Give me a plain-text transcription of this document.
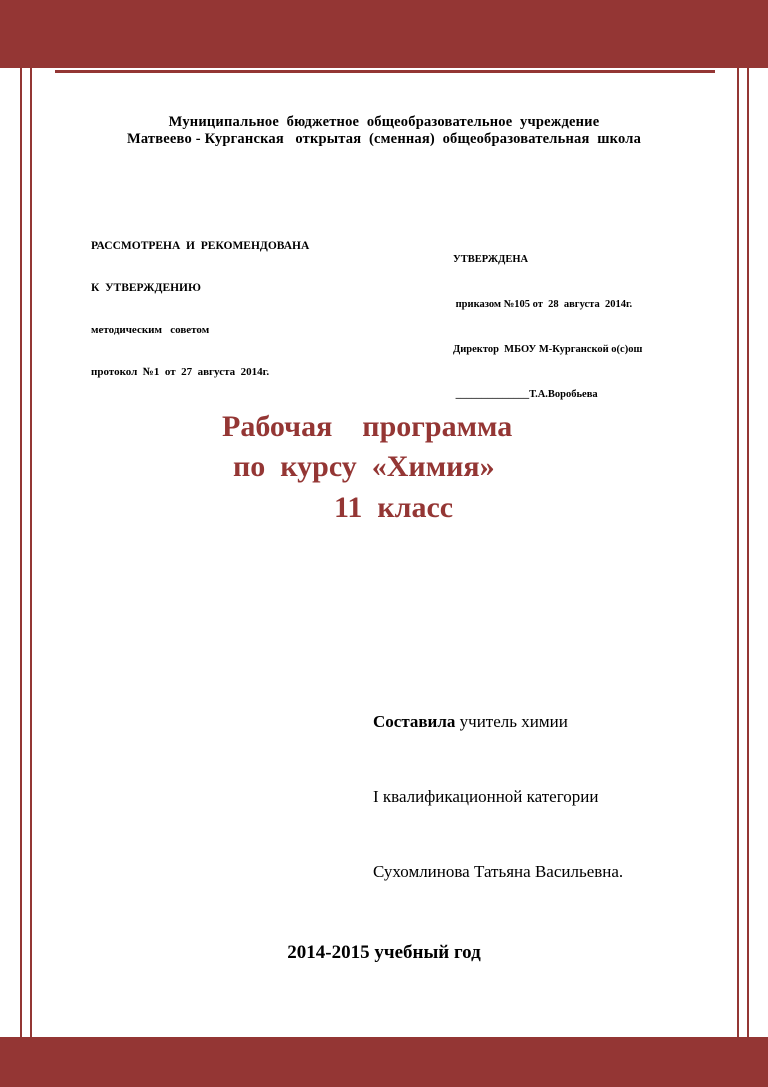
Муниципальное  бюджетное  общеобразовательное  учреждение
Матвеево - Курганская   открытая  (сменная)  общеобразовательная  школа

РАССМОТРЕНА  И  РЕКОМЕНДОВАНА

К  УТВЕРЖДЕНИЮ

методическим   советом

протокол  №1  от  27  августа  2014г.

УТВЕРЖДЕНА

приказом №105 от  28  августа  2014г.

Директор  МБОУ М-Курганской о(с)ош

______________Т.А.Воробьева

Рабочая    программа
по  курсу  «Химия»
11  класс

Составила учитель химии

I квалификационной категории

Сухомлинова Татьяна Васильевна.

2014-2015 учебный год
